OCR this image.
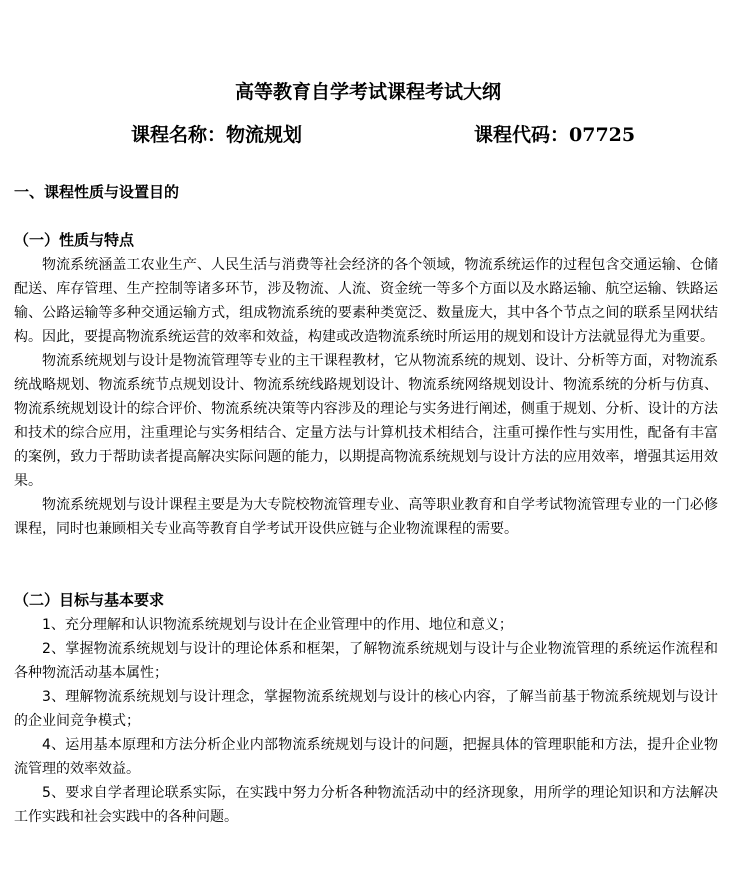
高等教育自学考试课程考试大纲
课程名称：物流规划	课程代码：07725
一、课程性质与设置目的
（一）性质与特点

物流系统涵盖工农业生产、人民生活与消费等社会经济的各个领域，物流系统运作的过程包含交通运输、仓储配送、库存管理、生产控制等诸多环节，涉及物流、人流、资金统一等多个方面以及水路运输、航空运输、铁路运输、公路运输等多种交通运输方式，组成物流系统的要素种类宽泛、数量庞大，其中各个节点之间的联系呈网状结构。因此，要提高物流系统运营的效率和效益，构建或改造物流系统时所运用的规划和设计方法就显得尤为重要。

物流系统规划与设计是物流管理等专业的主干课程教材，它从物流系统的规划、设计、分析等方面，对物流系统战略规划、物流系统节点规划设计、物流系统线路规划设计、物流系统网络规划设计、物流系统的分析与仿真、物流系统规划设计的综合评价、物流系统决策等内容涉及的理论与实务进行阐述，侧重于规划、分析、设计的方法和技术的综合应用，注重理论与实务相结合、定量方法与计算机技术相结合，注重可操作性与实用性，配备有丰富的案例，致力于帮助读者提高解决实际问题的能力，以期提高物流系统规划与设计方法的应用效率，增强其运用效果。

物流系统规划与设计课程主要是为大专院校物流管理专业、高等职业教育和自学考试物流管理专业的一门必修课程，同时也兼顾相关专业高等教育自学考试开设供应链与企业物流课程的需要。

（二）目标与基本要求

1、充分理解和认识物流系统规划与设计在企业管理中的作用、地位和意义；

2、掌握物流系统规划与设计的理论体系和框架，了解物流系统规划与设计与企业物流管理的系统运作流程和各种物流活动基本属性；

3、理解物流系统规划与设计理念，掌握物流系统规划与设计的核心内容，了解当前基于物流系统规划与设计的企业间竞争模式；

4、运用基本原理和方法分析企业内部物流系统规划与设计的问题，把握具体的管理职能和方法，提升企业物流管理的效率效益。

5、要求自学者理论联系实际，在实践中努力分析各种物流活动中的经济现象，用所学的理论知识和方法解决工作实践和社会实践中的各种问题。
